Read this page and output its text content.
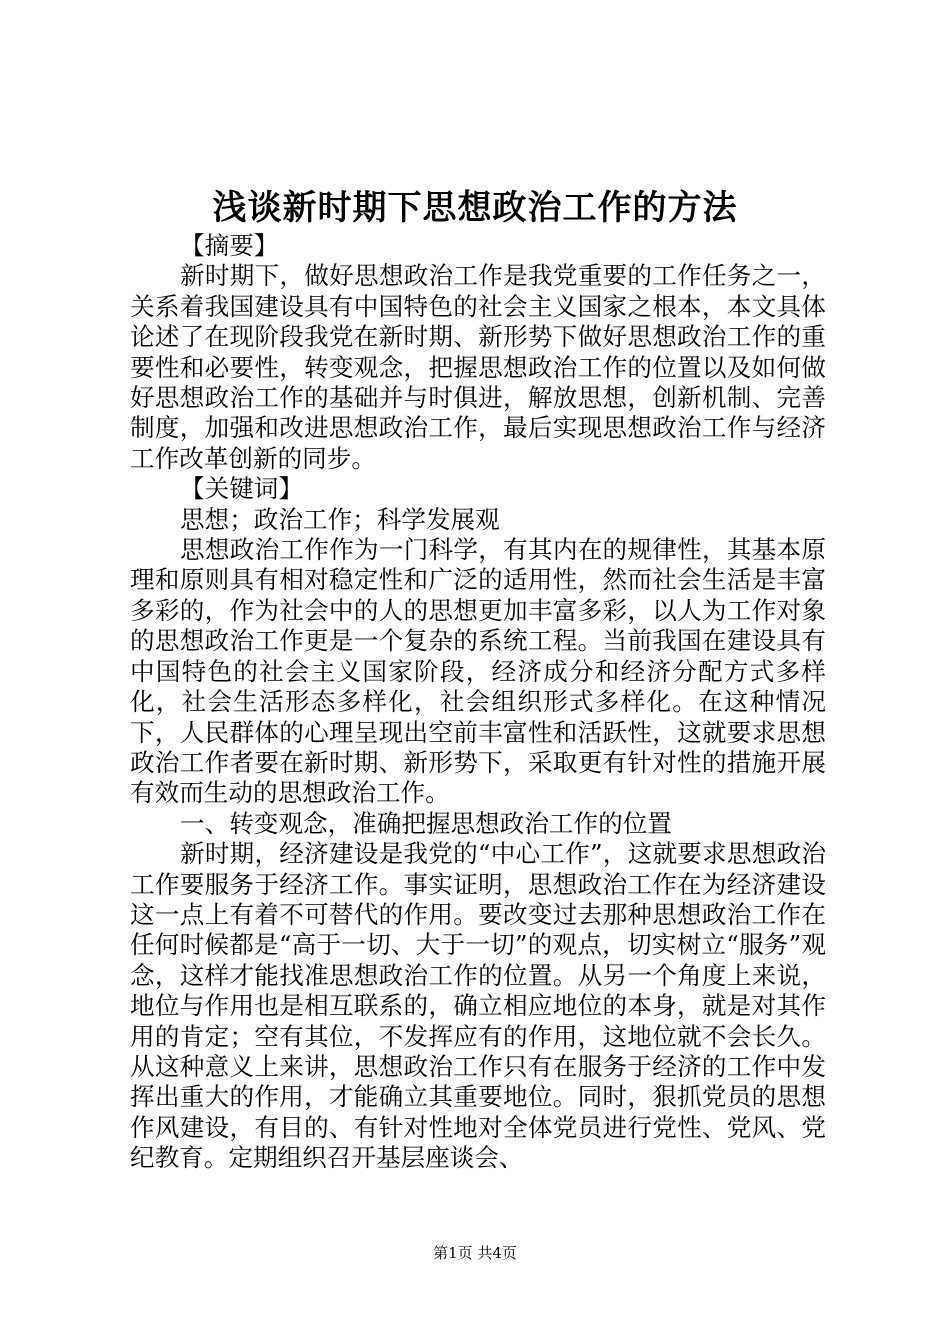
浅谈新时期下思想政治工作的方法

【摘要】

新时期下，做好思想政治工作是我党重要的工作任务之一，关系着我国建设具有中国特色的社会主义国家之根本，本文具体论述了在现阶段我党在新时期、新形势下做好思想政治工作的重要性和必要性，转变观念，把握思想政治工作的位置以及如何做好思想政治工作的基础并与时俱进，解放思想，创新机制、完善制度，加强和改进思想政治工作，最后实现思想政治工作与经济工作改革创新的同步。

【关键词】

思想；政治工作；科学发展观

思想政治工作作为一门科学，有其内在的规律性，其基本原理和原则具有相对稳定性和广泛的适用性，然而社会生活是丰富多彩的，作为社会中的人的思想更加丰富多彩，以人为工作对象的思想政治工作更是一个复杂的系统工程。当前我国在建设具有中国特色的社会主义国家阶段，经济成分和经济分配方式多样化，社会生活形态多样化，社会组织形式多样化。在这种情况下，人民群体的心理呈现出空前丰富性和活跃性，这就要求思想政治工作者要在新时期、新形势下，采取更有针对性的措施开展有效而生动的思想政治工作。

一、转变观念，准确把握思想政治工作的位置

新时期，经济建设是我党的“中心工作”，这就要求思想政治工作要服务于经济工作。事实证明，思想政治工作在为经济建设这一点上有着不可替代的作用。要改变过去那种思想政治工作在任何时候都是“高于一切、大于一切”的观点，切实树立“服务”观念，这样才能找准思想政治工作的位置。从另一个角度上来说，地位与作用也是相互联系的，确立相应地位的本身，就是对其作用的肯定；空有其位，不发挥应有的作用，这地位就不会长久。从这种意义上来讲，思想政治工作只有在服务于经济的工作中发挥出重大的作用，才能确立其重要地位。同时，狠抓党员的思想作风建设，有目的、有针对性地对全体党员进行党性、党风、党纪教育。定期组织召开基层座谈会、

第1页 共4页
